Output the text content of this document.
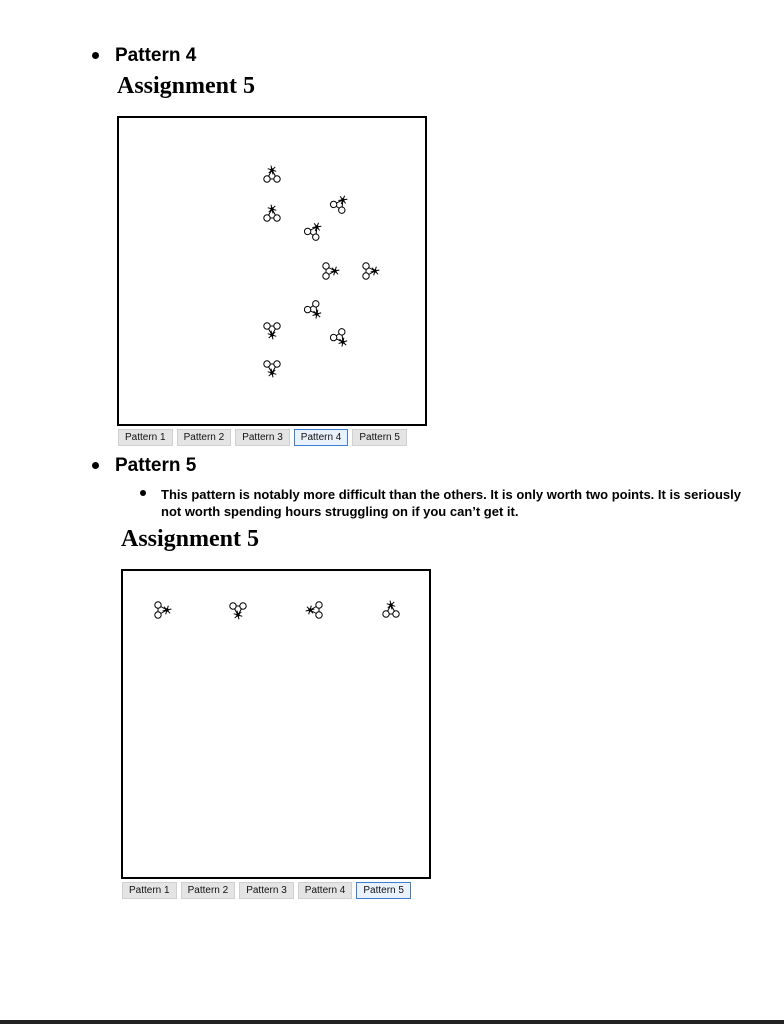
Pattern 4
Assignment 5
Pattern 1	Pattern 2	Pattern 3	Pattern 4	Pattern 5
Pattern 5
This pattern is notably more difficult than the others. It is only worth two points. It is seriously not worth spending hours struggling on if you can’t get it.
Assignment 5
Pattern 1	Pattern 2	Pattern 3	Pattern 4	Pattern 5
